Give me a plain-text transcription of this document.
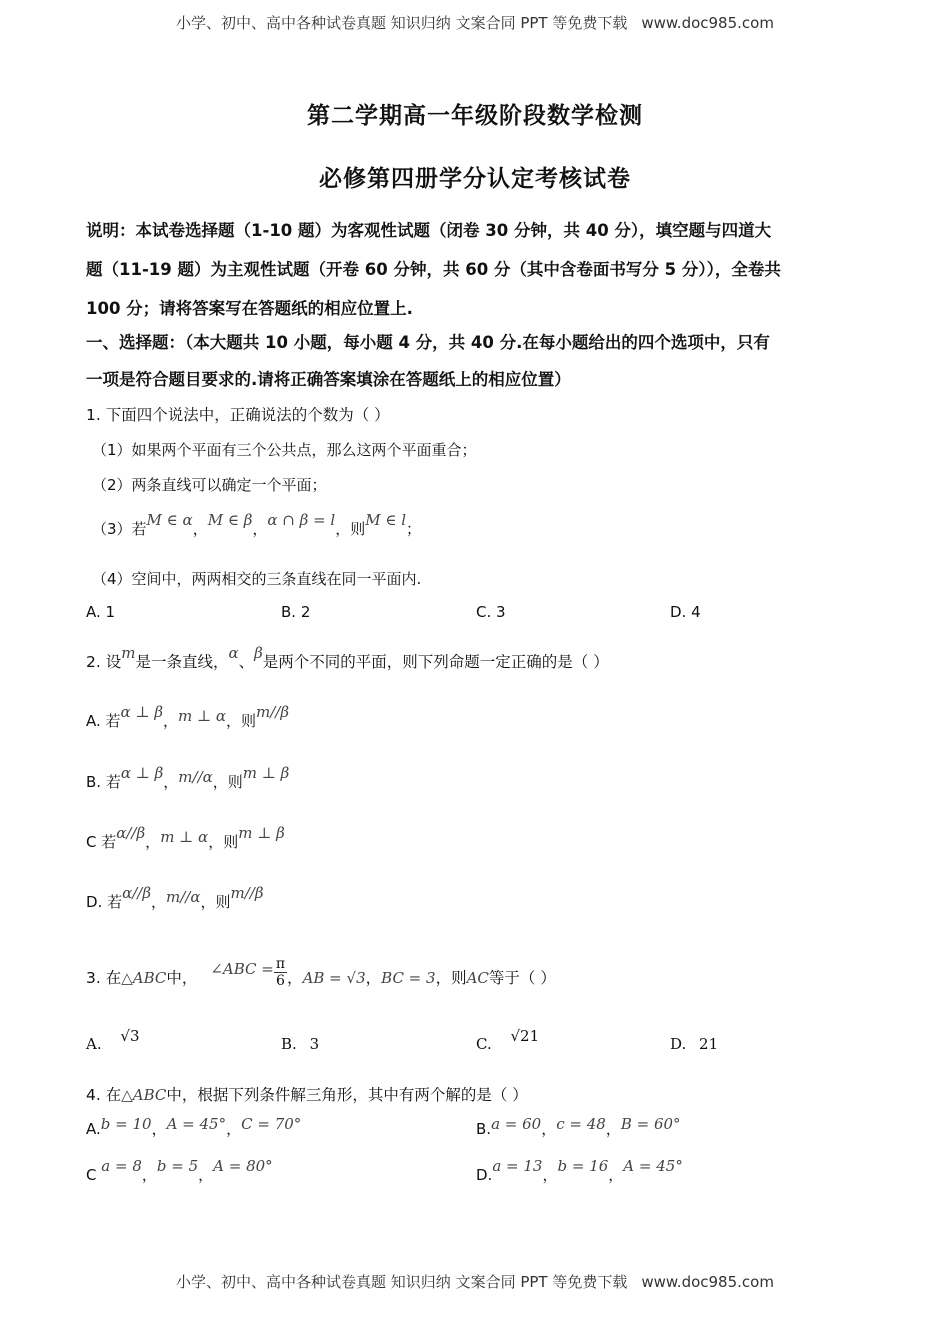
小学、初中、高中各种试卷真题 知识归纳 文案合同 PPT 等免费下载 www.doc985.com
第二学期高一年级阶段数学检测
必修第四册学分认定考核试卷
说明：本试卷选择题（1-10 题）为客观性试题（闭卷 30 分钟，共 40 分），填空题与四道大
题（11-19 题）为主观性试题（开卷 60 分钟，共 60 分（其中含卷面书写分 5 分）），全卷共
100 分；请将答案写在答题纸的相应位置上.
一、选择题：（本大题共 10 小题，每小题 4 分，共 40 分.在每小题给出的四个选项中，只有
一项是符合题目要求的.请将正确答案填涂在答题纸上的相应位置）
1. 下面四个说法中，正确说法的个数为（ ）
（1）如果两个平面有三个公共点，那么这两个平面重合；
（2）两条直线可以确定一个平面；
（3）若M ∈ α，M ∈ β，α ∩ β = l，则M ∈ l；
（4）空间中，两两相交的三条直线在同一平面内.
A. 1	B. 2	C. 3	D. 4
2. 设m是一条直线，α、β是两个不同的平面，则下列命题一定正确的是（ ）
A. 若α ⊥ β，m ⊥ α，则m//β
B. 若α ⊥ β，m//α，则m ⊥ β
C 若α//β，m ⊥ α，则m ⊥ β
D. 若α//β，m//α，则m//β
3. 在△ABC中， ∠ABC = $\frac{\pi}{6}$ ，AB = √3，BC = 3，则AC等于（ ）
A. √3	B. 3	C. √21	D. 21
4. 在△ABC中，根据下列条件解三角形，其中有两个解的是（ ）
A.b = 10，A = 45°，C = 70°	B.a = 60，c = 48，B = 60°
C a = 8，b = 5，A = 80°	D.a = 13，b = 16，A = 45°
小学、初中、高中各种试卷真题 知识归纳 文案合同 PPT 等免费下载 www.doc985.com
